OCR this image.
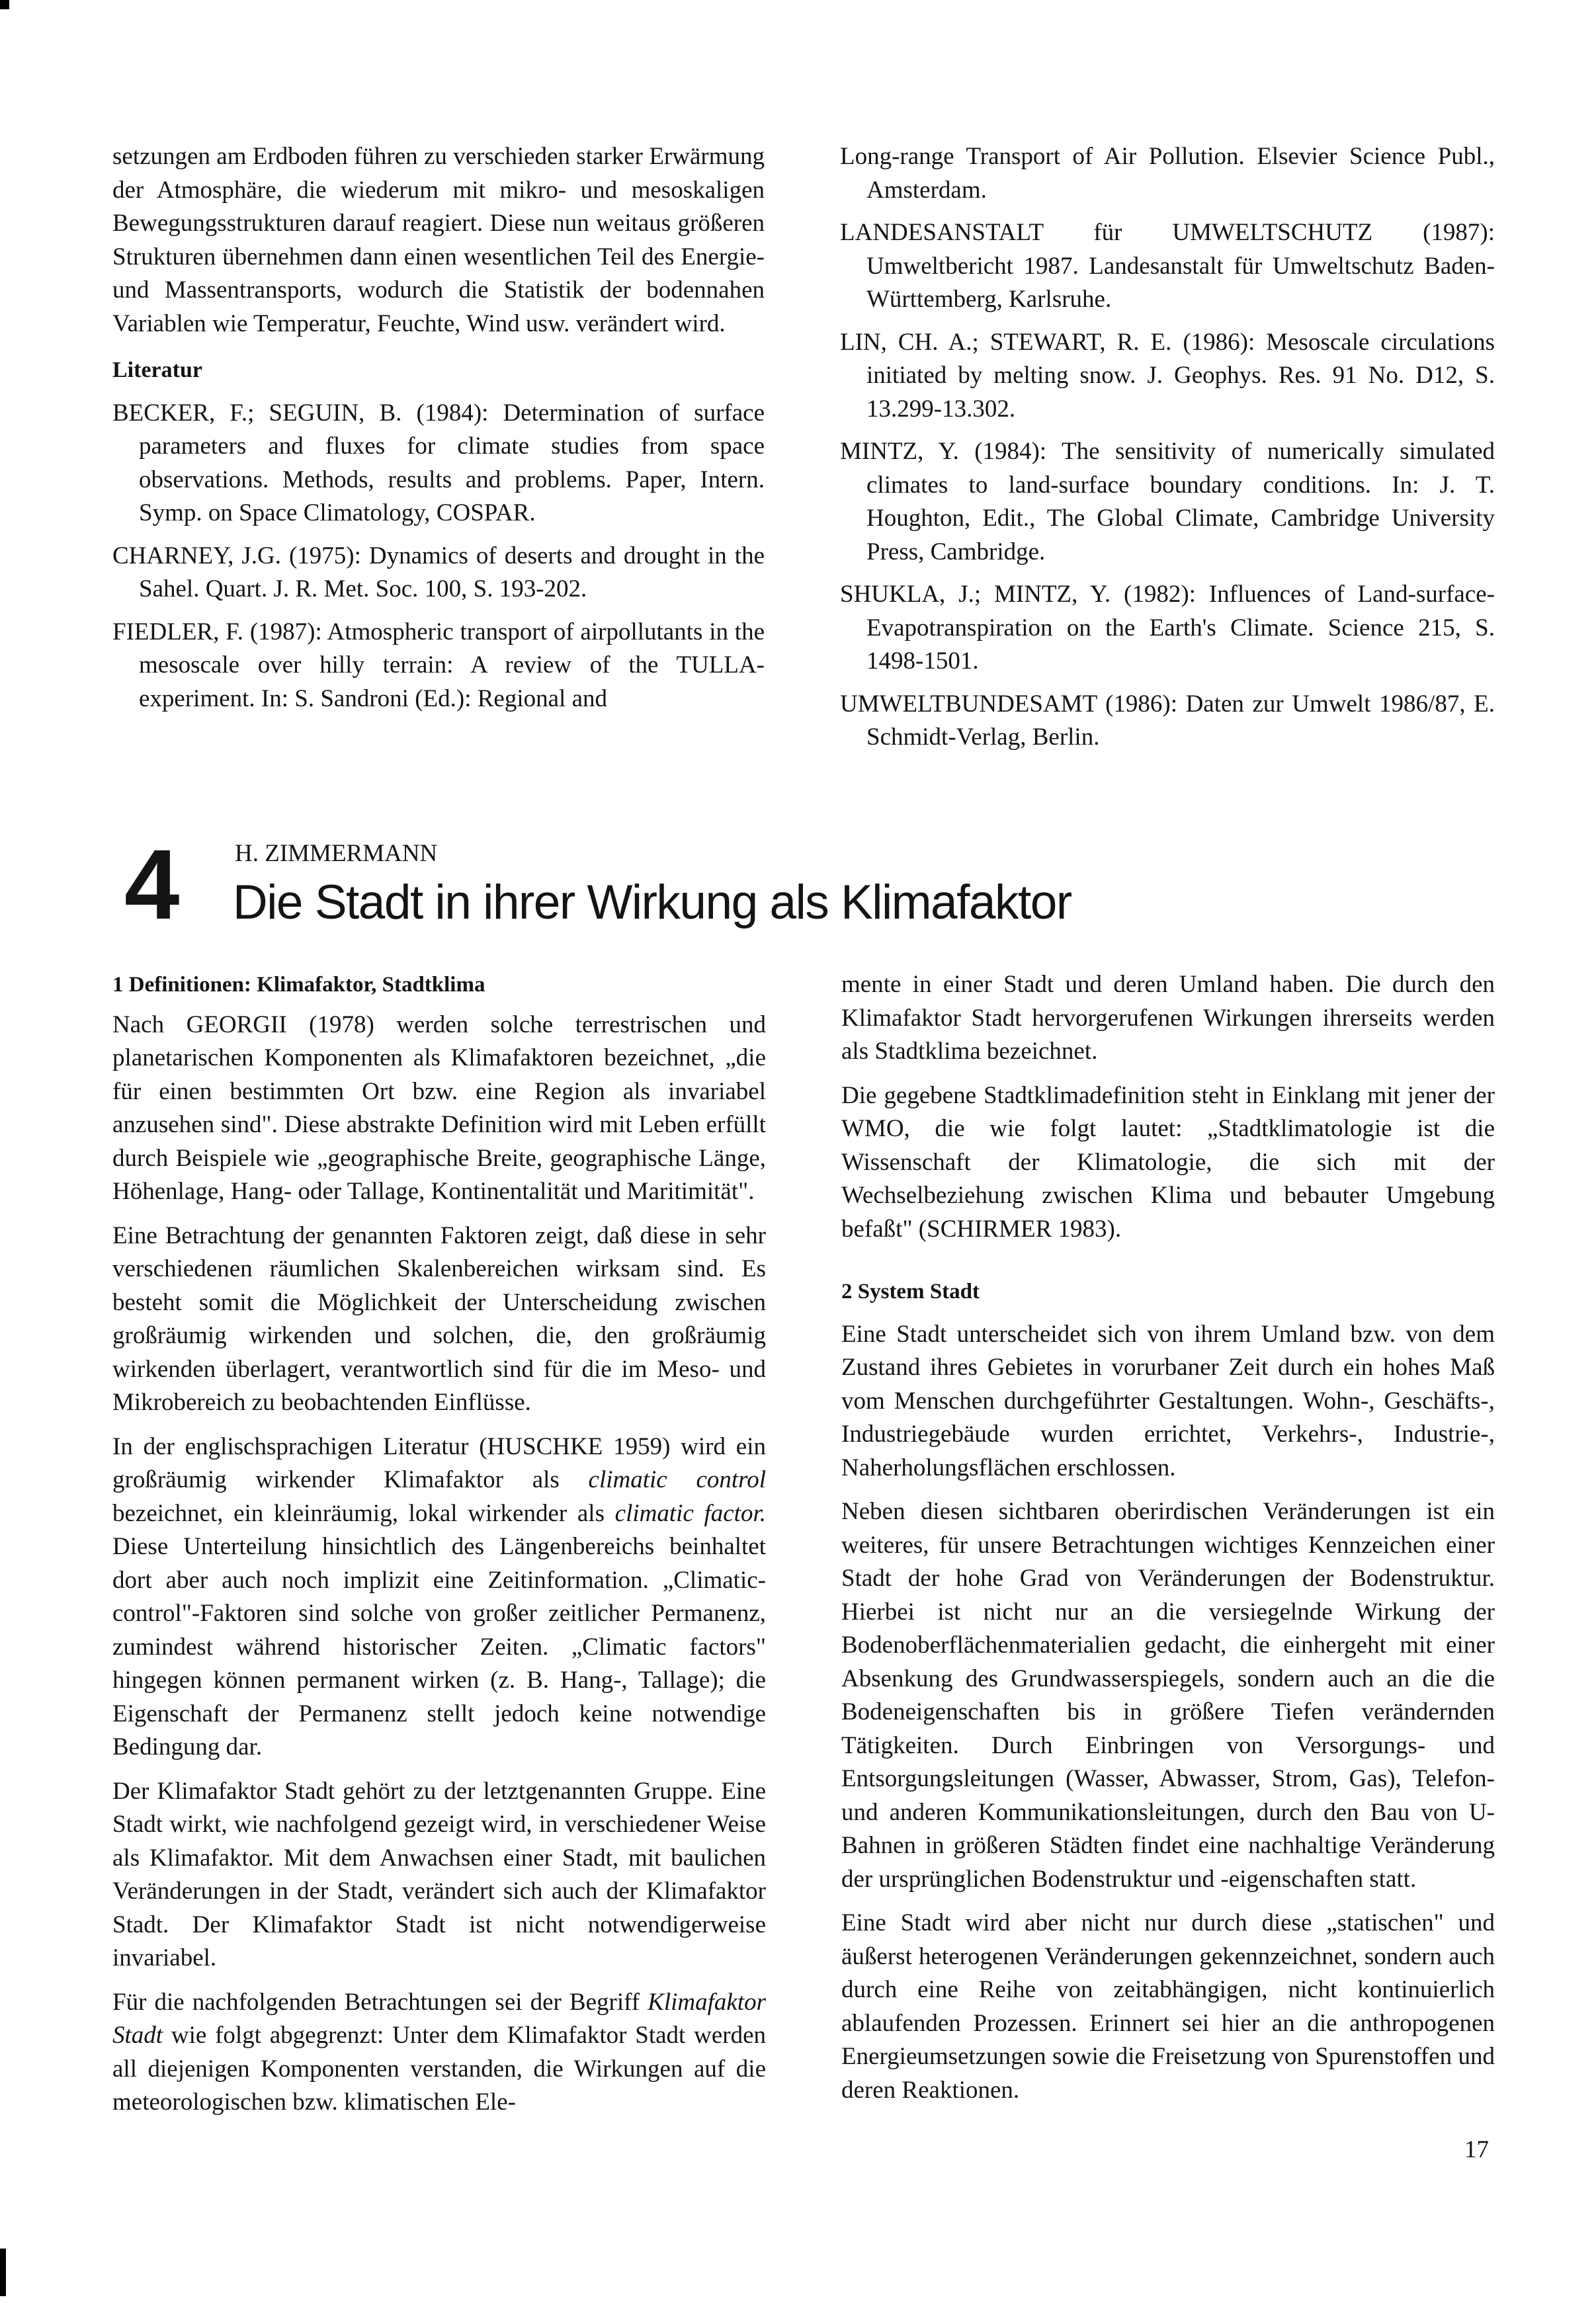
setzungen am Erdboden führen zu verschieden starker Erwärmung der Atmosphäre, die wiederum mit mikro- und mesoskaligen Bewegungsstrukturen darauf reagiert. Diese nun weitaus größeren Strukturen übernehmen dann einen wesentlichen Teil des Energie- und Massentransports, wodurch die Statistik der bodennahen Variablen wie Temperatur, Feuchte, Wind usw. verändert wird.

Literatur

BECKER, F.; SEGUIN, B. (1984): Determination of surface parameters and fluxes for climate studies from space observations. Methods, results and problems. Paper, Intern. Symp. on Space Climatology, COSPAR.

CHARNEY, J.G. (1975): Dynamics of deserts and drought in the Sahel. Quart. J. R. Met. Soc. 100, S. 193-202.

FIEDLER, F. (1987): Atmospheric transport of airpollutants in the mesoscale over hilly terrain: A review of the TULLA-experiment. In: S. Sandroni (Ed.): Regional and

Long-range Transport of Air Pollution. Elsevier Science Publ., Amsterdam.

LANDESANSTALT für UMWELTSCHUTZ (1987): Umweltbericht 1987. Landesanstalt für Umweltschutz Baden-Württemberg, Karlsruhe.

LIN, CH. A.; STEWART, R. E. (1986): Mesoscale circulations initiated by melting snow. J. Geophys. Res. 91 No. D12, S. 13.299-13.302.

MINTZ, Y. (1984): The sensitivity of numerically simulated climates to land-surface boundary conditions. In: J. T. Houghton, Edit., The Global Climate, Cambridge University Press, Cambridge.

SHUKLA, J.; MINTZ, Y. (1982): Influences of Land-surface-Evapotranspiration on the Earth's Climate. Science 215, S. 1498-1501.

UMWELTBUNDESAMT (1986): Daten zur Umwelt 1986/87, E. Schmidt-Verlag, Berlin.

4 H. ZIMMERMANN
Die Stadt in ihrer Wirkung als Klimafaktor

1 Definitionen: Klimafaktor, Stadtklima

Nach GEORGII (1978) werden solche terrestrischen und planetarischen Komponenten als Klimafaktoren bezeichnet, „die für einen bestimmten Ort bzw. eine Region als invariabel anzusehen sind". Diese abstrakte Definition wird mit Leben erfüllt durch Beispiele wie „geographische Breite, geographische Länge, Höhenlage, Hang- oder Tallage, Kontinentalität und Maritimität".

Eine Betrachtung der genannten Faktoren zeigt, daß diese in sehr verschiedenen räumlichen Skalenbereichen wirksam sind. Es besteht somit die Möglichkeit der Unterscheidung zwischen großräumig wirkenden und solchen, die, den großräumig wirkenden überlagert, verantwortlich sind für die im Meso- und Mikrobereich zu beobachtenden Einflüsse.

In der englischsprachigen Literatur (HUSCHKE 1959) wird ein großräumig wirkender Klimafaktor als climatic control bezeichnet, ein kleinräumig, lokal wirkender als climatic factor. Diese Unterteilung hinsichtlich des Längenbereichs beinhaltet dort aber auch noch implizit eine Zeitinformation. „Climatic-control"-Faktoren sind solche von großer zeitlicher Permanenz, zumindest während historischer Zeiten. „Climatic factors" hingegen können permanent wirken (z. B. Hang-, Tallage); die Eigenschaft der Permanenz stellt jedoch keine notwendige Bedingung dar.

Der Klimafaktor Stadt gehört zu der letztgenannten Gruppe. Eine Stadt wirkt, wie nachfolgend gezeigt wird, in verschiedener Weise als Klimafaktor. Mit dem Anwachsen einer Stadt, mit baulichen Veränderungen in der Stadt, verändert sich auch der Klimafaktor Stadt. Der Klimafaktor Stadt ist nicht notwendigerweise invariabel.

Für die nachfolgenden Betrachtungen sei der Begriff Klimafaktor Stadt wie folgt abgegrenzt: Unter dem Klimafaktor Stadt werden all diejenigen Komponenten verstanden, die Wirkungen auf die meteorologischen bzw. klimatischen Ele-

mente in einer Stadt und deren Umland haben. Die durch den Klimafaktor Stadt hervorgerufenen Wirkungen ihrerseits werden als Stadtklima bezeichnet.

Die gegebene Stadtklimadefinition steht in Einklang mit jener der WMO, die wie folgt lautet: „Stadtklimatologie ist die Wissenschaft der Klimatologie, die sich mit der Wechselbeziehung zwischen Klima und bebauter Umgebung befaßt" (SCHIRMER 1983).

2 System Stadt

Eine Stadt unterscheidet sich von ihrem Umland bzw. von dem Zustand ihres Gebietes in vorurbaner Zeit durch ein hohes Maß vom Menschen durchgeführter Gestaltungen. Wohn-, Geschäfts-, Industriegebäude wurden errichtet, Verkehrs-, Industrie-, Naherholungsflächen erschlossen.

Neben diesen sichtbaren oberirdischen Veränderungen ist ein weiteres, für unsere Betrachtungen wichtiges Kennzeichen einer Stadt der hohe Grad von Veränderungen der Bodenstruktur. Hierbei ist nicht nur an die versiegelnde Wirkung der Bodenoberflächenmaterialien gedacht, die einhergeht mit einer Absenkung des Grundwasserspiegels, sondern auch an die die Bodeneigenschaften bis in größere Tiefen verändernden Tätigkeiten. Durch Einbringen von Versorgungs- und Entsorgungsleitungen (Wasser, Abwasser, Strom, Gas), Telefon- und anderen Kommunikationsleitungen, durch den Bau von U-Bahnen in größeren Städten findet eine nachhaltige Veränderung der ursprünglichen Bodenstruktur und -eigenschaften statt.

Eine Stadt wird aber nicht nur durch diese „statischen" und äußerst heterogenen Veränderungen gekennzeichnet, sondern auch durch eine Reihe von zeitabhängigen, nicht kontinuierlich ablaufenden Prozessen. Erinnert sei hier an die anthropogenen Energieumsetzungen sowie die Freisetzung von Spurenstoffen und deren Reaktionen.

17
